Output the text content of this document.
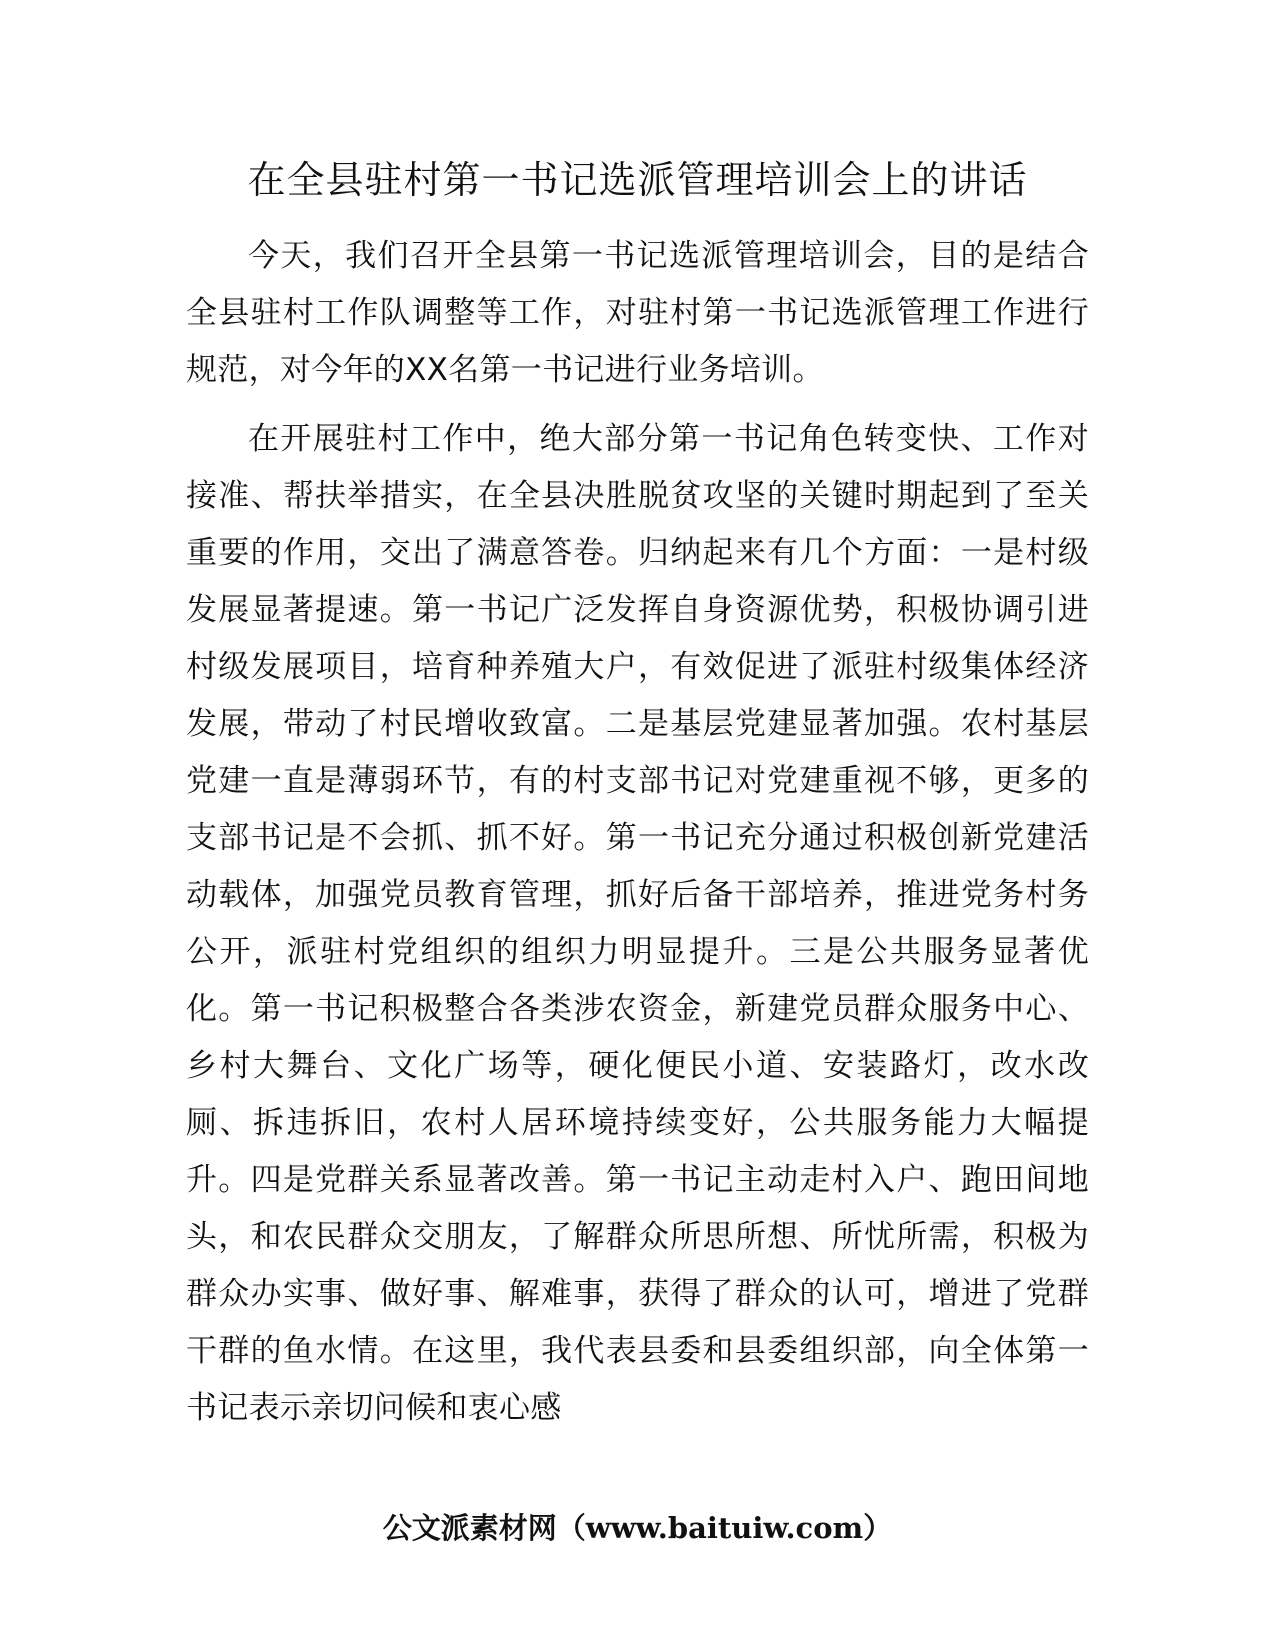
在全县驻村第一书记选派管理培训会上的讲话

今天，我们召开全县第一书记选派管理培训会，目的是结合全县驻村工作队调整等工作，对驻村第一书记选派管理工作进行规范，对今年的XX名第一书记进行业务培训。

在开展驻村工作中，绝大部分第一书记角色转变快、工作对接准、帮扶举措实，在全县决胜脱贫攻坚的关键时期起到了至关重要的作用，交出了满意答卷。归纳起来有几个方面：一是村级发展显著提速。第一书记广泛发挥自身资源优势，积极协调引进村级发展项目，培育种养殖大户，有效促进了派驻村级集体经济发展，带动了村民增收致富。二是基层党建显著加强。农村基层党建一直是薄弱环节，有的村支部书记对党建重视不够，更多的支部书记是不会抓、抓不好。第一书记充分通过积极创新党建活动载体，加强党员教育管理，抓好后备干部培养，推进党务村务公开，派驻村党组织的组织力明显提升。三是公共服务显著优化。第一书记积极整合各类涉农资金，新建党员群众服务中心、乡村大舞台、文化广场等，硬化便民小道、安装路灯，改水改厕、拆违拆旧，农村人居环境持续变好，公共服务能力大幅提升。四是党群关系显著改善。第一书记主动走村入户、跑田间地头，和农民群众交朋友，了解群众所思所想、所忧所需，积极为群众办实事、做好事、解难事，获得了群众的认可，增进了党群干群的鱼水情。在这里，我代表县委和县委组织部，向全体第一书记表示亲切问候和衷心感

公文派素材网（www.baituiw.com）
